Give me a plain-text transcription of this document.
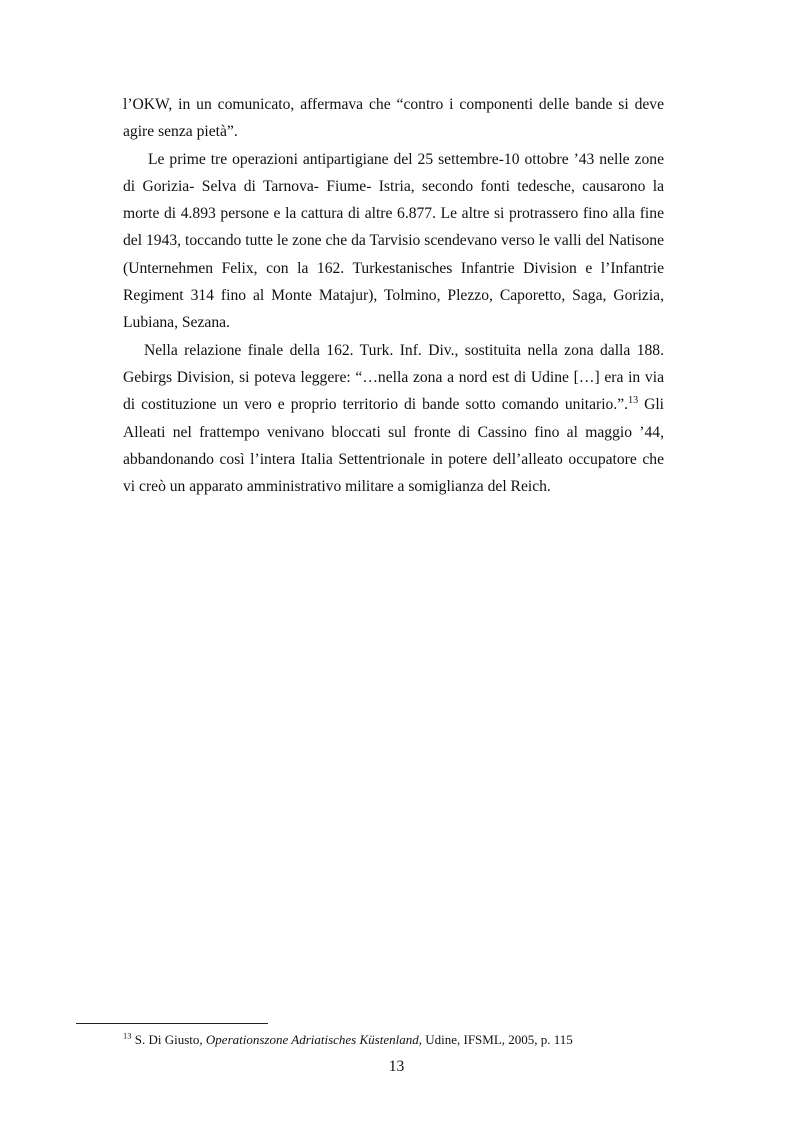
l’OKW, in un comunicato, affermava che “contro i componenti delle bande si deve agire senza pietà”.

Le prime tre operazioni antipartigiane del 25 settembre-10 ottobre ’43 nelle zone di Gorizia- Selva di Tarnova- Fiume- Istria, secondo fonti tedesche, causarono la morte di 4.893 persone e la cattura di altre 6.877. Le altre si protrassero fino alla fine del 1943, toccando tutte le zone che da Tarvisio scendevano verso le valli del Natisone (Unternehmen Felix, con la 162. Turkestanisches Infantrie Division e l’Infantrie Regiment 314 fino al Monte Matajur), Tolmino, Plezzo, Caporetto, Saga, Gorizia, Lubiana, Sezana.

Nella relazione finale della 162. Turk. Inf. Div., sostituita nella zona dalla 188. Gebirgs Division, si poteva leggere: “…nella zona a nord est di Udine […] era in via di costituzione un vero e proprio territorio di bande sotto comando unitario.”.$^{13}$ Gli Alleati nel frattempo venivano bloccati sul fronte di Cassino fino al maggio ’44, abbandonando così l’intera Italia Settentrionale in potere dell’alleato occupatore che vi creò un apparato amministrativo militare a somiglianza del Reich.

$^{13}$ S. Di Giusto, Operationszone Adriatisches Küstenland, Udine, IFSML, 2005, p. 115
13
